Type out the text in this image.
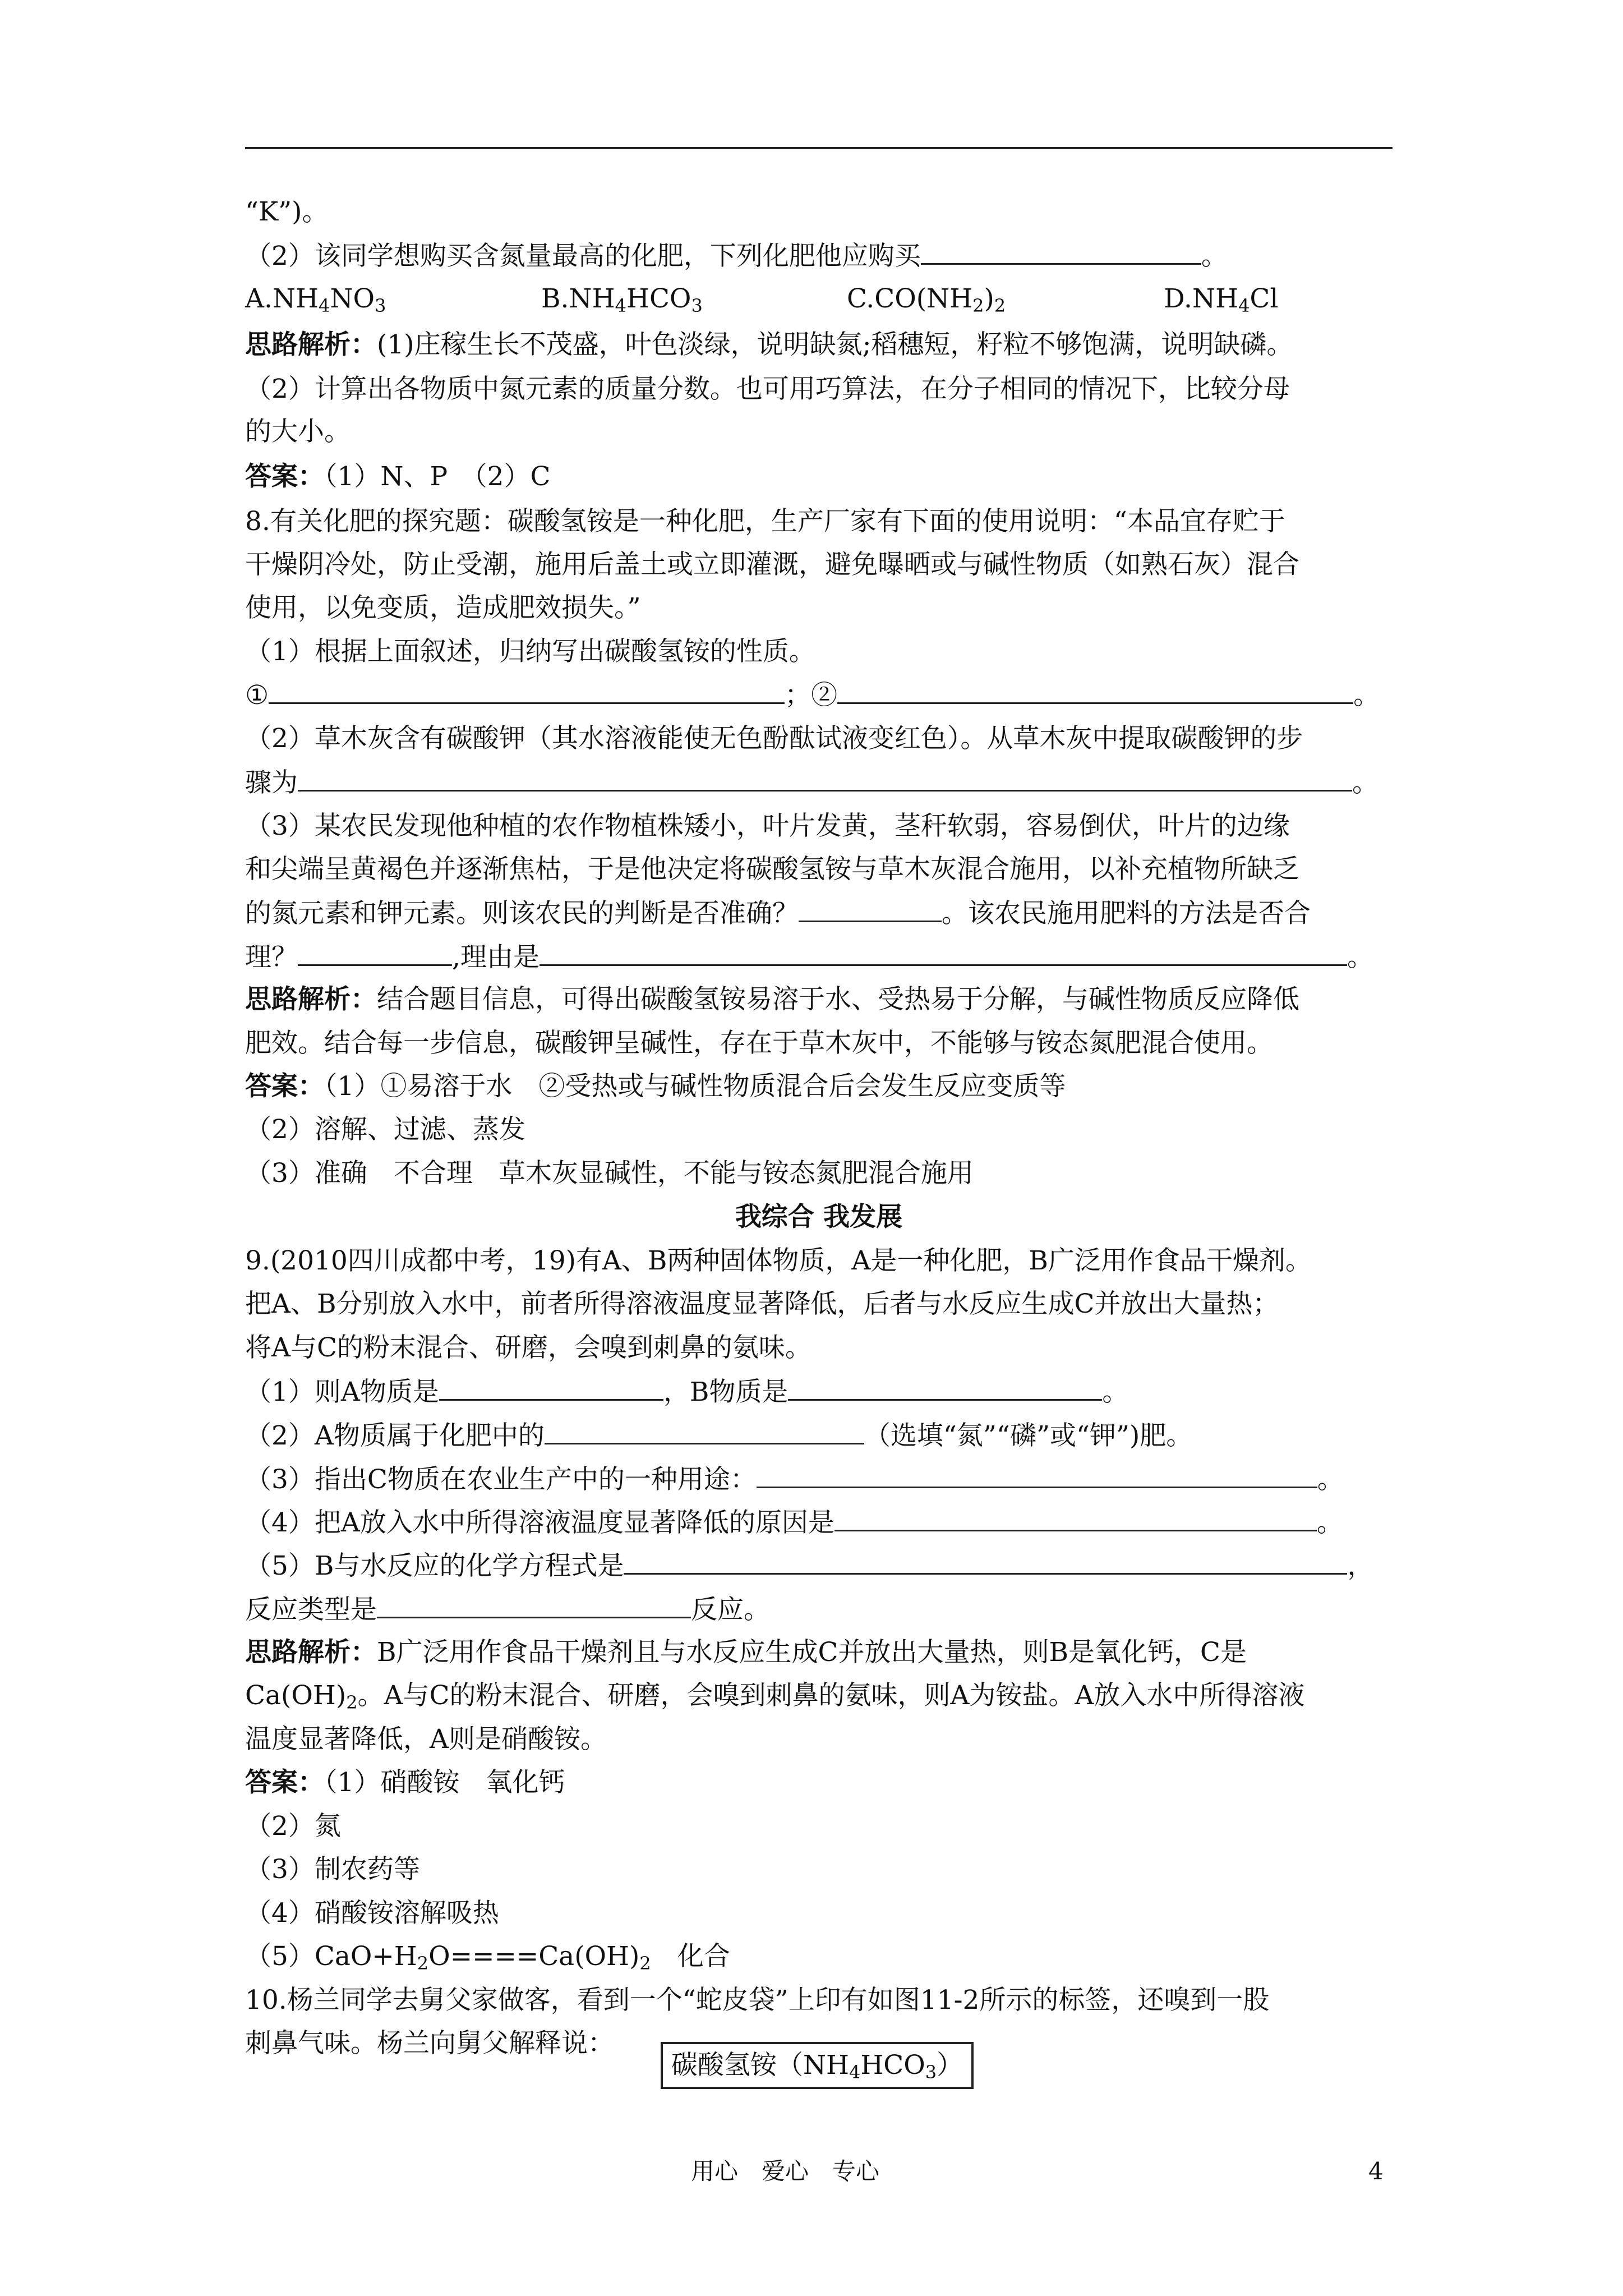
“K”)。
（2）该同学想购买含氮量最高的化肥，下列化肥他应购买	。
$A.NH_4NO_3$	$B.NH_4HCO_3$	$C.CO(NH_2)_2$	$D.NH_4Cl$
思路解析：(1)庄稼生长不茂盛，叶色淡绿，说明缺氮;稻穗短，籽粒不够饱满，说明缺磷。
（2）计算出各物质中氮元素的质量分数。也可用巧算法，在分子相同的情况下，比较分母
的大小。
答案：（1）N、P　（2）C
8.有关化肥的探究题：碳酸氢铵是一种化肥，生产厂家有下面的使用说明：“本品宜存贮于
干燥阴冷处，防止受潮，施用后盖土或立即灌溉，避免曝晒或与碱性物质（如熟石灰）混合
使用，以免变质，造成肥效损失。”
（1）根据上面叙述，归纳写出碳酸氢铵的性质。
①	；②	。
（2）草木灰含有碳酸钾（其水溶液能使无色酚酞试液变红色）。从草木灰中提取碳酸钾的步
骤为	。
（3）某农民发现他种植的农作物植株矮小，叶片发黄，茎秆软弱，容易倒伏，叶片的边缘
和尖端呈黄褐色并逐渐焦枯，于是他决定将碳酸氢铵与草木灰混合施用，以补充植物所缺乏
的氮元素和钾元素。则该农民的判断是否准确？	。该农民施用肥料的方法是否合
理？	,理由是	。
思路解析：结合题目信息，可得出碳酸氢铵易溶于水、受热易于分解，与碱性物质反应降低
肥效。结合每一步信息，碳酸钾呈碱性，存在于草木灰中，不能够与铵态氮肥混合使用。
答案：（1）①易溶于水　②受热或与碱性物质混合后会发生反应变质等
（2）溶解、过滤、蒸发
（3）准确　不合理　草木灰显碱性，不能与铵态氮肥混合施用
我综合 我发展
9.(2010四川成都中考，19)有A、B两种固体物质，A是一种化肥，B广泛用作食品干燥剂。
把A、B分别放入水中，前者所得溶液温度显著降低，后者与水反应生成C并放出大量热；
将A与C的粉末混合、研磨，会嗅到刺鼻的氨味。
（1）则A物质是	，B物质是	。
（2）A物质属于化肥中的	（选填“氮”“磷”或“钾”)肥。
（3）指出C物质在农业生产中的一种用途：	。
（4）把A放入水中所得溶液温度显著降低的原因是	。
（5）B与水反应的化学方程式是	，
反应类型是	反应。
思路解析：B广泛用作食品干燥剂且与水反应生成C并放出大量热，则B是氧化钙，C是
$Ca(OH)_2$。A与C的粉末混合、研磨，会嗅到刺鼻的氨味，则A为铵盐。A放入水中所得溶液
温度显著降低，A则是硝酸铵。
答案：（1）硝酸铵　氧化钙
（2）氮
（3）制农药等
（4）硝酸铵溶解吸热
$(5)CaO+H_2O====Ca(OH)_2$　化合
10.杨兰同学去舅父家做客，看到一个“蛇皮袋”上印有如图11-2所示的标签，还嗅到一股
刺鼻气味。杨兰向舅父解释说：
碳酸氢铵$(NH_4HCO_3)$
用心　爱心　专心	4
